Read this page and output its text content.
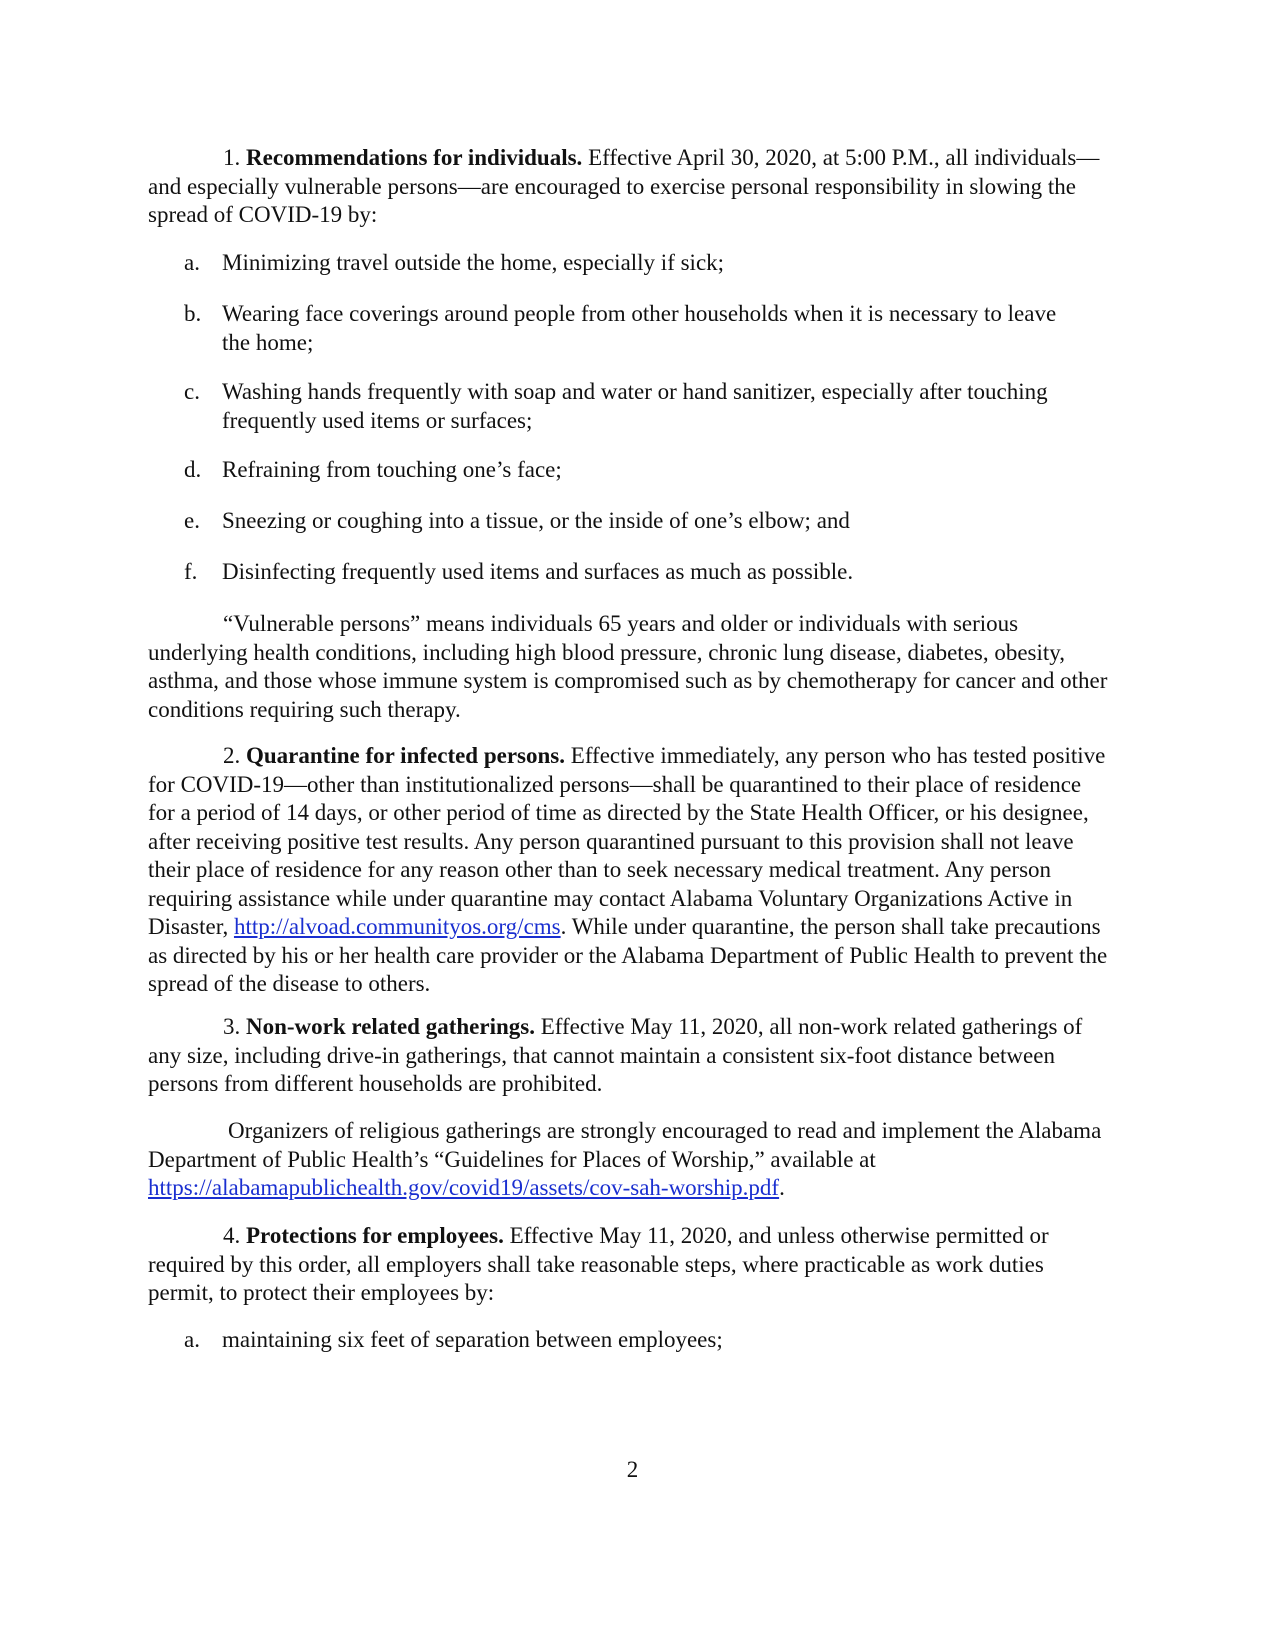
1. Recommendations for individuals. Effective April 30, 2020, at 5:00 P.M., all individuals—and especially vulnerable persons—are encouraged to exercise personal responsibility in slowing the spread of COVID-19 by:

a. Minimizing travel outside the home, especially if sick;
b. Wearing face coverings around people from other households when it is necessary to leave the home;
c. Washing hands frequently with soap and water or hand sanitizer, especially after touching frequently used items or surfaces;
d. Refraining from touching one’s face;
e. Sneezing or coughing into a tissue, or the inside of one’s elbow; and
f.	Disinfecting frequently used items and surfaces as much as possible.

“Vulnerable persons” means individuals 65 years and older or individuals with serious underlying health conditions, including high blood pressure, chronic lung disease, diabetes, obesity, asthma, and those whose immune system is compromised such as by chemotherapy for cancer and other conditions requiring such therapy.

2. Quarantine for infected persons. Effective immediately, any person who has tested positive for COVID-19—other than institutionalized persons—shall be quarantined to their place of residence for a period of 14 days, or other period of time as directed by the State Health Officer, or his designee, after receiving positive test results. Any person quarantined pursuant to this provision shall not leave their place of residence for any reason other than to seek necessary medical treatment. Any person requiring assistance while under quarantine may contact Alabama Voluntary Organizations Active in Disaster, http://alvoad.communityos.org/cms. While under quarantine, the person shall take precautions as directed by his or her health care provider or the Alabama Department of Public Health to prevent the spread of the disease to others.

3. Non-work related gatherings. Effective May 11, 2020, all non-work related gatherings of any size, including drive-in gatherings, that cannot maintain a consistent six-foot distance between persons from different households are prohibited.

Organizers of religious gatherings are strongly encouraged to read and implement the Alabama Department of Public Health’s “Guidelines for Places of Worship,” available at https://alabamapublichealth.gov/covid19/assets/cov-sah-worship.pdf.

4. Protections for employees. Effective May 11, 2020, and unless otherwise permitted or required by this order, all employers shall take reasonable steps, where practicable as work duties permit, to protect their employees by:

a. maintaining six feet of separation between employees;
2
